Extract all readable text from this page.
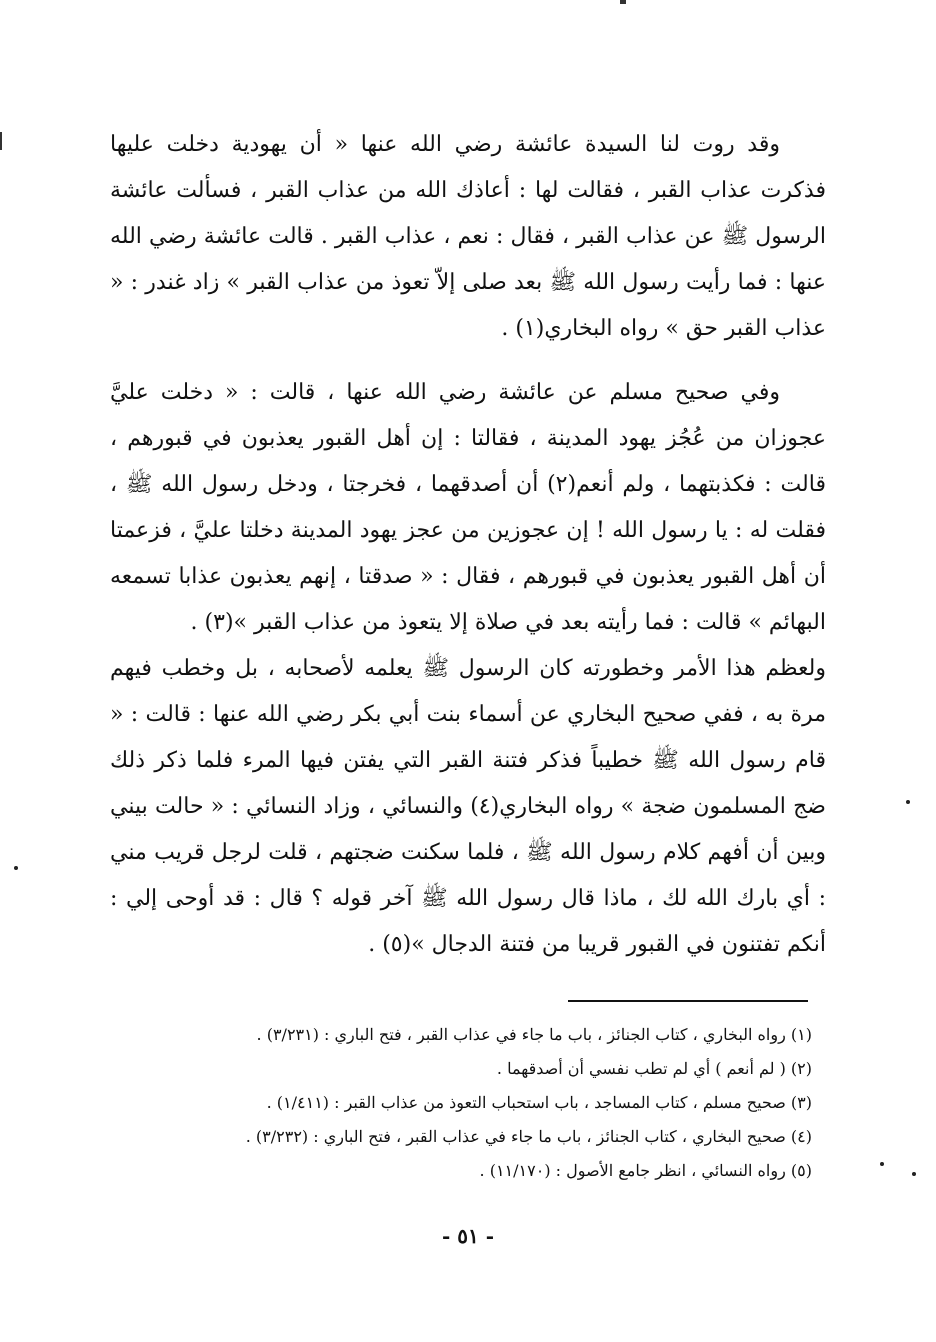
وقد روت لنا السيدة عائشة رضي الله عنها « أن يهودية دخلت عليها فذكرت عذاب القبر ، فقالت لها : أعاذك الله من عذاب القبر ، فسألت عائشة الرسول ﷺ عن عذاب القبر ، فقال : نعم ، عذاب القبر . قالت عائشة رضي الله عنها : فما رأيت رسول الله ﷺ بعد صلى إلاّ تعوذ من عذاب القبر » زاد غندر : « عذاب القبر حق » رواه البخاري(١) .

وفي صحيح مسلم عن عائشة رضي الله عنها ، قالت : « دخلت عليَّ عجوزان من عُجُز يهود المدينة ، فقالتا : إن أهل القبور يعذبون في قبورهم ، قالت : فكذبتهما ، ولم أنعم(٢) أن أصدقهما ، فخرجتا ، ودخل رسول الله ﷺ ، فقلت له : يا رسول الله ! إن عجوزين من عجز يهود المدينة دخلتا عليَّ ، فزعمتا أن أهل القبور يعذبون في قبورهم ، فقال : « صدقتا ، إنهم يعذبون عذابا تسمعه البهائم » قالت : فما رأيته بعد في صلاة إلا يتعوذ من عذاب القبر »(٣) .

ولعظم هذا الأمر وخطورته كان الرسول ﷺ يعلمه لأصحابه ، بل وخطب فيهم مرة به ، ففي صحيح البخاري عن أسماء بنت أبي بكر رضي الله عنها : قالت : « قام رسول الله ﷺ خطيباً فذكر فتنة القبر التي يفتن فيها المرء فلما ذكر ذلك ضج المسلمون ضجة » رواه البخاري(٤) والنسائي ، وزاد النسائي : « حالت بيني وبين أن أفهم كلام رسول الله ﷺ ، فلما سكنت ضجتهم ، قلت لرجل قريب مني : أي بارك الله لك ، ماذا قال رسول الله ﷺ آخر قوله ؟ قال : قد أوحى إلي : أنكم تفتنون في القبور قريبا من فتنة الدجال »(٥) .

(١) رواه البخاري ، كتاب الجنائز ، باب ما جاء في عذاب القبر ، فتح الباري : (٣/٢٣١) .

(٢) ( لم أنعم ) أي لم تطب نفسي أن أصدقهما .

(٣) صحيح مسلم ، كتاب المساجد ، باب استحباب التعوذ من عذاب القبر : (١/٤١١) .

(٤) صحيح البخاري ، كتاب الجنائز ، باب ما جاء في عذاب القبر ، فتح الباري : (٣/٢٣٢) .

(٥) رواه النسائي ، انظر جامع الأصول : (١١/١٧٠) .

- ٥١ -
